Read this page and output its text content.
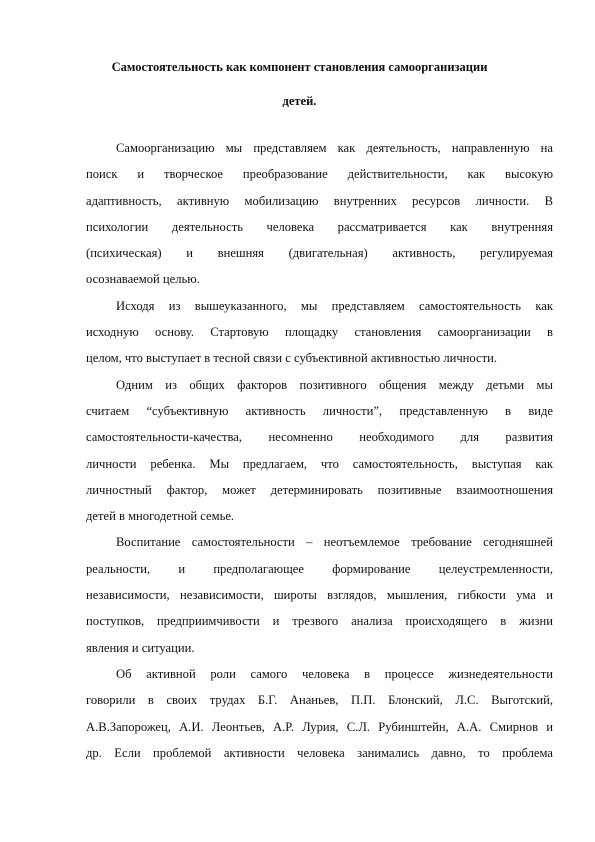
Самостоятельность как компонент становления самоорганизации
детей.

Самоорганизацию мы представляем как деятельность, направленную на
поиск и творческое преобразование действительности, как высокую
адаптивность, активную мобилизацию внутренних ресурсов личности. В
психологии деятельность человека рассматривается как внутренняя
(психическая) и внешняя (двигательная) активность, регулируемая
осознаваемой целью.

Исходя из вышеуказанного, мы представляем самостоятельность как
исходную основу. Стартовую площадку становления самоорганизации в
целом, что выступает в тесной связи с субъективной активностью личности.

Одним из общих факторов позитивного общения между детьми мы
считаем “субъективную активность личности”, представленную в виде
самостоятельности-качества, несомненно необходимого для развития
личности ребенка. Мы предлагаем, что самостоятельность, выступая как
личностный фактор, может детерминировать позитивные взаимоотношения
детей в многодетной семье.

Воспитание самостоятельности – неотъемлемое требование сегодняшней
реальности, и предполагающее формирование целеустремленности,
независимости, независимости, широты взглядов, мышления, гибкости ума и
поступков, предприимчивости и трезвого анализа происходящего в жизни
явления и ситуации.

Об активной роли самого человека в процессе жизнедеятельности
говорили в своих трудах Б.Г. Ананьев, П.П. Блонский, Л.С. Выготский,
А.В.Запорожец, А.И. Леонтьев, А.Р. Лурия, С.Л. Рубинштейн, А.А. Смирнов и
др. Если проблемой активности человека занимались давно, то проблема
